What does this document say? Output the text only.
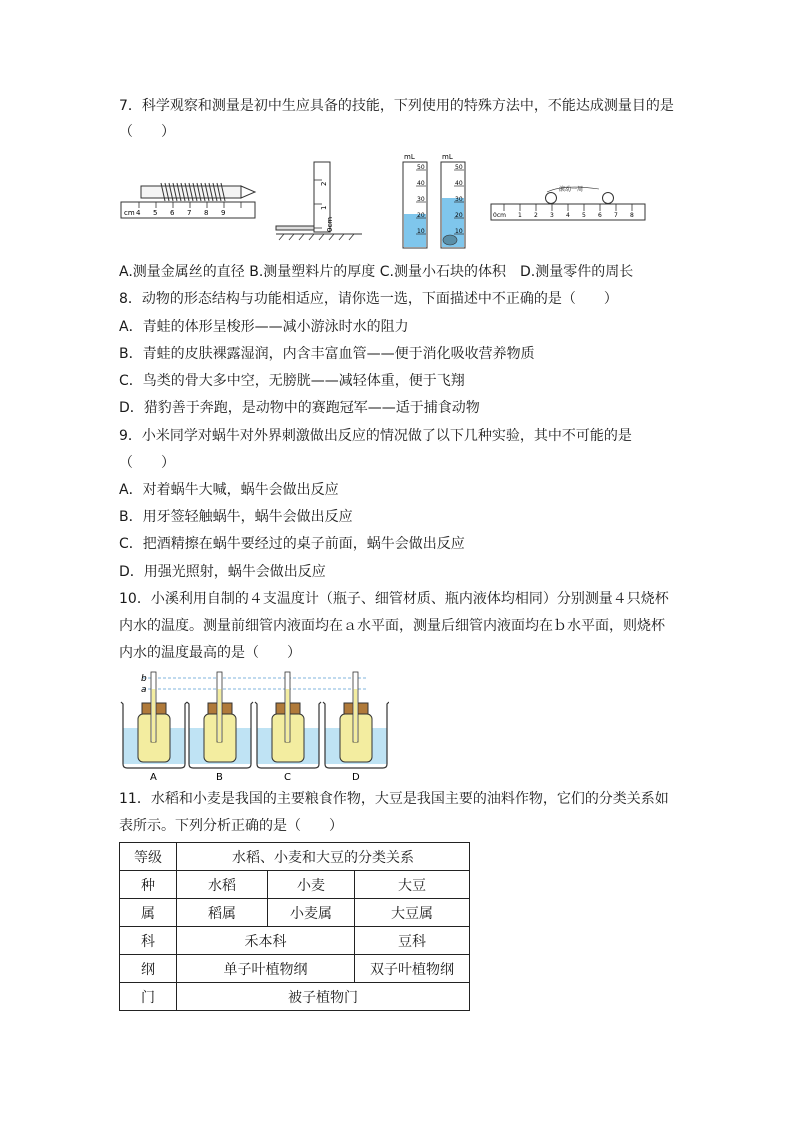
7．科学观察和测量是初中生应具备的技能，下列使用的特殊方法中，不能达成测量目的是
（　　）
cm 4 5 6 7 8 9
2
1
0cm
mL
50
40
30
20
10
mL
50
40
30
20
10
滚动一周
0cm 1 2 3 4 5 6 7 8
A.测量金属丝的直径 B.测量塑料片的厚度 C.测量小石块的体积　D.测量零件的周长
8．动物的形态结构与功能相适应，请你选一选，下面描述中不正确的是（　　）
A．青蛙的体形呈梭形——减小游泳时水的阻力
B．青蛙的皮肤裸露湿润，内含丰富血管——便于消化吸收营养物质
C．鸟类的骨大多中空，无膀胱——减轻体重，便于飞翔
D．猎豹善于奔跑，是动物中的赛跑冠军——适于捕食动物
9．小米同学对蜗牛对外界刺激做出反应的情况做了以下几种实验，其中不可能的是
（　　）
A．对着蜗牛大喊，蜗牛会做出反应
B．用牙签轻触蜗牛，蜗牛会做出反应
C．把酒精擦在蜗牛要经过的桌子前面，蜗牛会做出反应
D．用强光照射，蜗牛会做出反应
10．小溪利用自制的４支温度计（瓶子、细管材质、瓶内液体均相同）分别测量４只烧杯
内水的温度。测量前细管内液面均在ａ水平面，测量后细管内液面均在ｂ水平面，则烧杯
内水的温度最高的是（　　）
b
a
A	B	C	D
11．水稻和小麦是我国的主要粮食作物，大豆是我国主要的油料作物，它们的分类关系如
表所示。下列分析正确的是（　　）
等级	水稻、小麦和大豆的分类关系		
种	水稻	小麦	大豆
属	稻属	小麦属	大豆属
科	禾本科		豆科
纲	单子叶植物纲		双子叶植物纲
门	被子植物门		
